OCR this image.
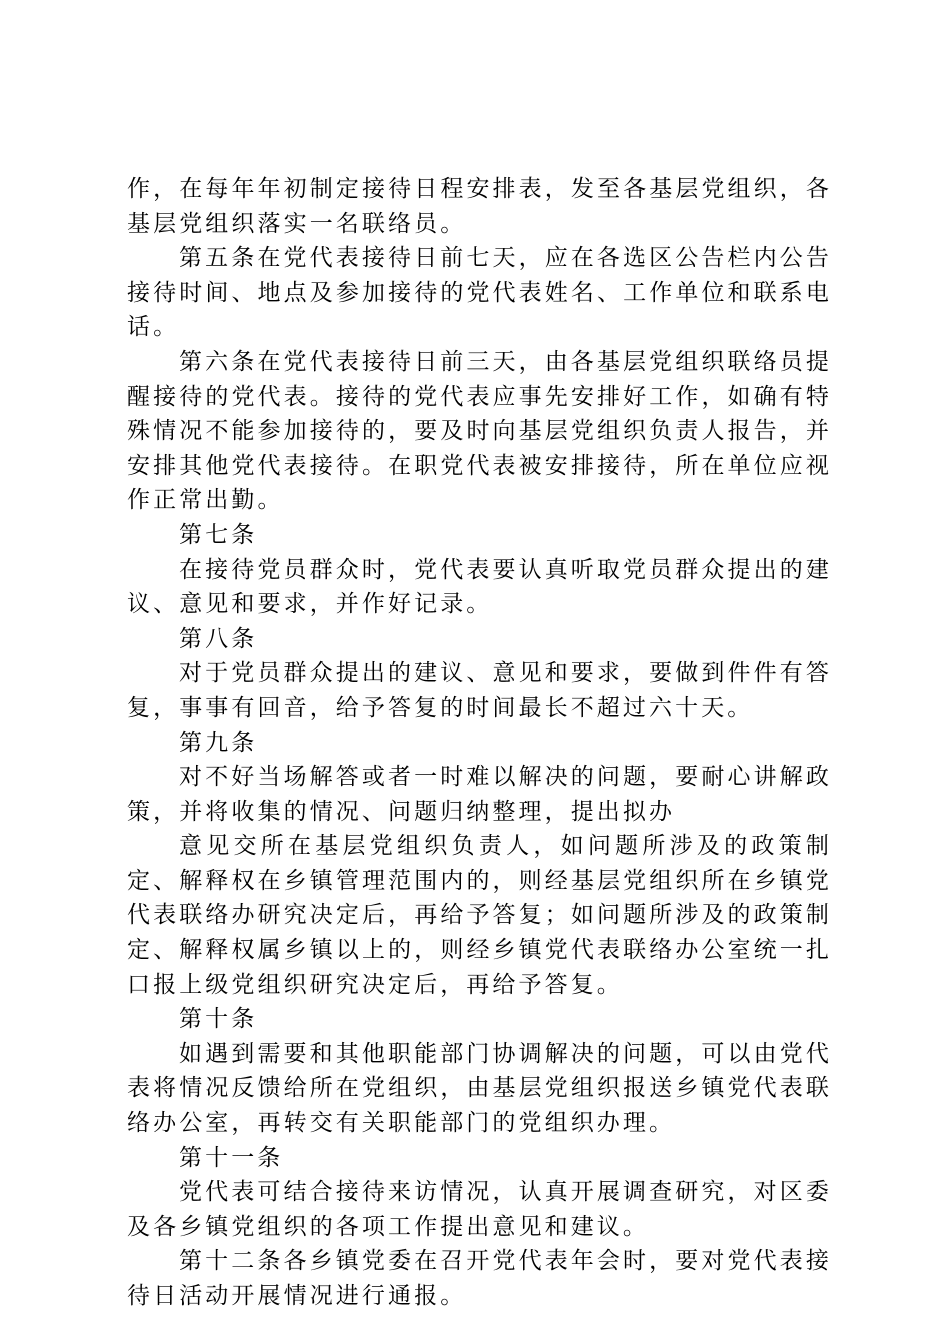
作，在每年年初制定接待日程安排表，发至各基层党组织，各基层党组织落实一名联络员。

第五条在党代表接待日前七天，应在各选区公告栏内公告接待时间、地点及参加接待的党代表姓名、工作单位和联系电话。

第六条在党代表接待日前三天，由各基层党组织联络员提醒接待的党代表。接待的党代表应事先安排好工作，如确有特殊情况不能参加接待的，要及时向基层党组织负责人报告，并安排其他党代表接待。在职党代表被安排接待，所在单位应视作正常出勤。

第七条

在接待党员群众时，党代表要认真听取党员群众提出的建议、意见和要求，并作好记录。

第八条

对于党员群众提出的建议、意见和要求，要做到件件有答复，事事有回音，给予答复的时间最长不超过六十天。

第九条

对不好当场解答或者一时难以解决的问题，要耐心讲解政策，并将收集的情况、问题归纳整理，提出拟办

意见交所在基层党组织负责人，如问题所涉及的政策制定、解释权在乡镇管理范围内的，则经基层党组织所在乡镇党代表联络办研究决定后，再给予答复；如问题所涉及的政策制定、解释权属乡镇以上的，则经乡镇党代表联络办公室统一扎口报上级党组织研究决定后，再给予答复。

第十条

如遇到需要和其他职能部门协调解决的问题，可以由党代表将情况反馈给所在党组织，由基层党组织报送乡镇党代表联络办公室，再转交有关职能部门的党组织办理。

第十一条

党代表可结合接待来访情况，认真开展调查研究，对区委及各乡镇党组织的各项工作提出意见和建议。

第十二条各乡镇党委在召开党代表年会时，要对党代表接待日活动开展情况进行通报。
